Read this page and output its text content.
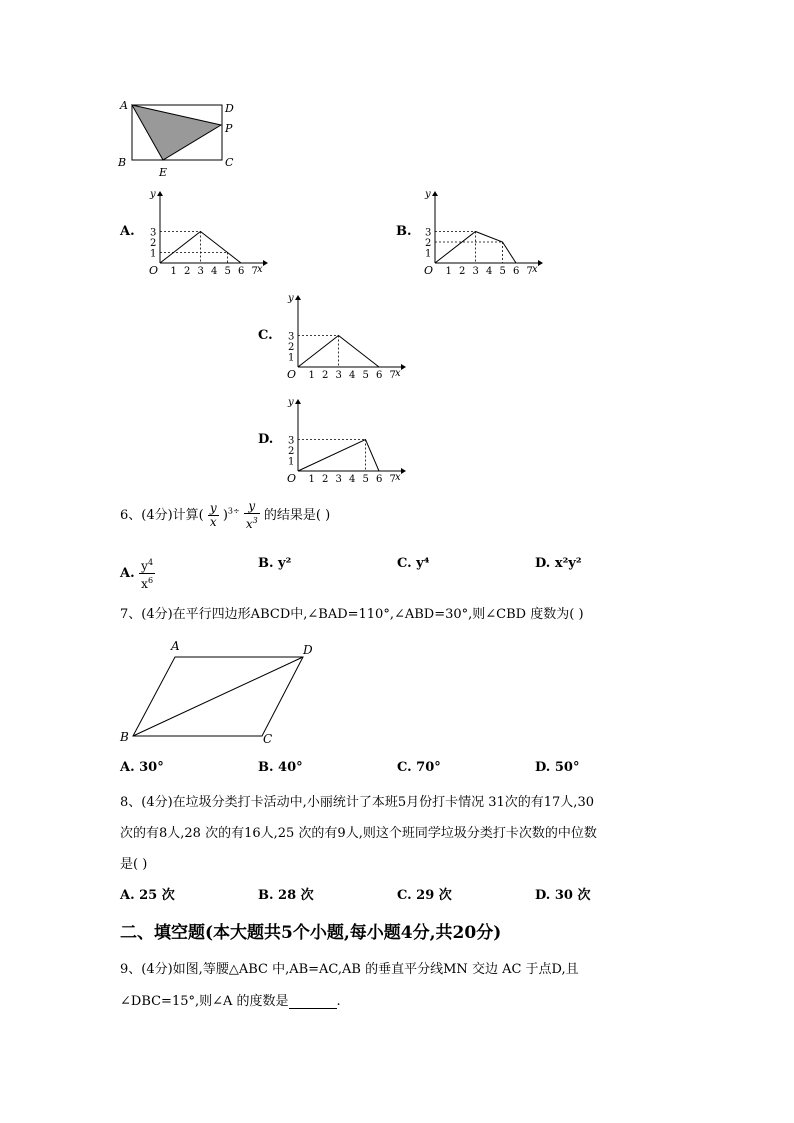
A	D
P
B	C
E
A.
1 2 3 4 5 6 7
1
2
3
O
y
x
B.
1 2 3 4 5 6 7
1
2
3
O
y
x
C.
1 2 3 4 5 6 7
1
2
3
O
y
x
D.
1 2 3 4 5 6 7
1
2
3
O
y
x
6、(4分)计算( $\frac{y}{x} )^{3\div} \frac{y}{x^3}$ 的结果是( )
A. $\frac{y^4}{x^6}$	B. y²	C. y⁴	D. x²y²
7、(4分)在平行四边形ABCD中,∠BAD=110°,∠ABD=30°,则∠CBD 度数为( )
A	D
B	C
A. 30°	B. 40°	C. 70°	D. 50°
8、(4分)在垃圾分类打卡活动中,小丽统计了本班5月份打卡情况 31次的有17人,30
次的有8人,28 次的有16人,25 次的有9人,则这个班同学垃圾分类打卡次数的中位数
是( )
A. 25 次	B. 28 次	C. 29 次	D. 30 次
二、填空题(本大题共5个小题,每小题4分,共20分)
9、(4分)如图,等腰△ABC 中,AB=AC,AB 的垂直平分线MN 交边 AC 于点D,且
∠DBC=15°,则∠A 的度数是	.
